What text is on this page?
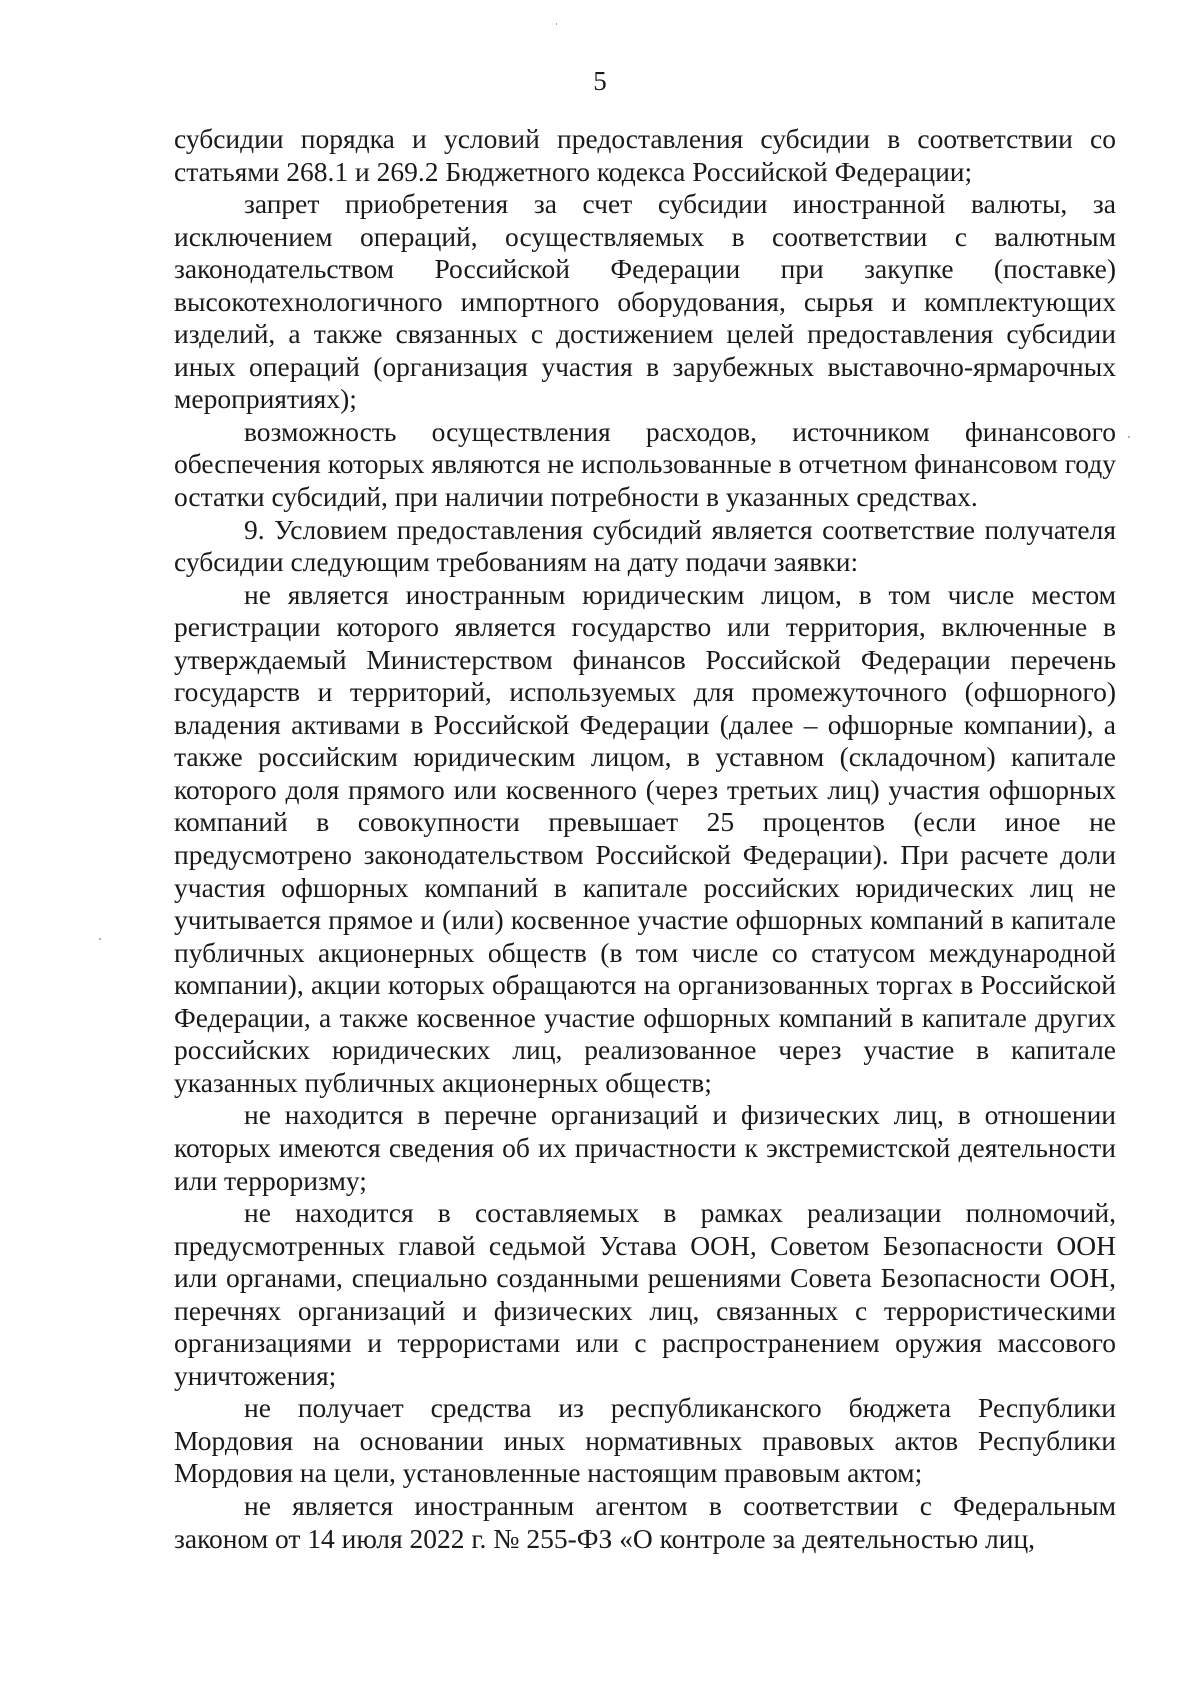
5

субсидии порядка и условий предоставления субсидии в соответствии со статьями 268.1 и 269.2 Бюджетного кодекса Российской Федерации;

запрет приобретения за счет субсидии иностранной валюты, за исключением операций, осуществляемых в соответствии с валютным законодательством Российской Федерации при закупке (поставке) высокотехнологичного импортного оборудования, сырья и комплектующих изделий, а также связанных с достижением целей предоставления субсидии иных операций (организация участия в зарубежных выставочно-ярмарочных мероприятиях);

возможность осуществления расходов, источником финансового обеспечения которых являются не использованные в отчетном финансовом году остатки субсидий, при наличии потребности в указанных средствах.

9. Условием предоставления субсидий является соответствие получателя субсидии следующим требованиям на дату подачи заявки:

не является иностранным юридическим лицом, в том числе местом регистрации которого является государство или территория, включенные в утверждаемый Министерством финансов Российской Федерации перечень государств и территорий, используемых для промежуточного (офшорного) владения активами в Российской Федерации (далее – офшорные компании), а также российским юридическим лицом, в уставном (складочном) капитале которого доля прямого или косвенного (через третьих лиц) участия офшорных компаний в совокупности превышает 25 процентов (если иное не предусмотрено законодательством Российской Федерации). При расчете доли участия офшорных компаний в капитале российских юридических лиц не учитывается прямое и (или) косвенное участие офшорных компаний в капитале публичных акционерных обществ (в том числе со статусом международной компании), акции которых обращаются на организованных торгах в Российской Федерации, а также косвенное участие офшорных компаний в капитале других российских юридических лиц, реализованное через участие в капитале указанных публичных акционерных обществ;

не находится в перечне организаций и физических лиц, в отношении которых имеются сведения об их причастности к экстремистской деятельности или терроризму;

не находится в составляемых в рамках реализации полномочий, предусмотренных главой седьмой Устава ООН, Советом Безопасности ООН или органами, специально созданными решениями Совета Безопасности ООН, перечнях организаций и физических лиц, связанных с террористическими организациями и террористами или с распространением оружия массового уничтожения;

не получает средства из республиканского бюджета Республики Мордовия на основании иных нормативных правовых актов Республики Мордовия на цели, установленные настоящим правовым актом;

не является иностранным агентом в соответствии с Федеральным законом от 14 июля 2022 г. № 255-ФЗ «О контроле за деятельностью лиц,
